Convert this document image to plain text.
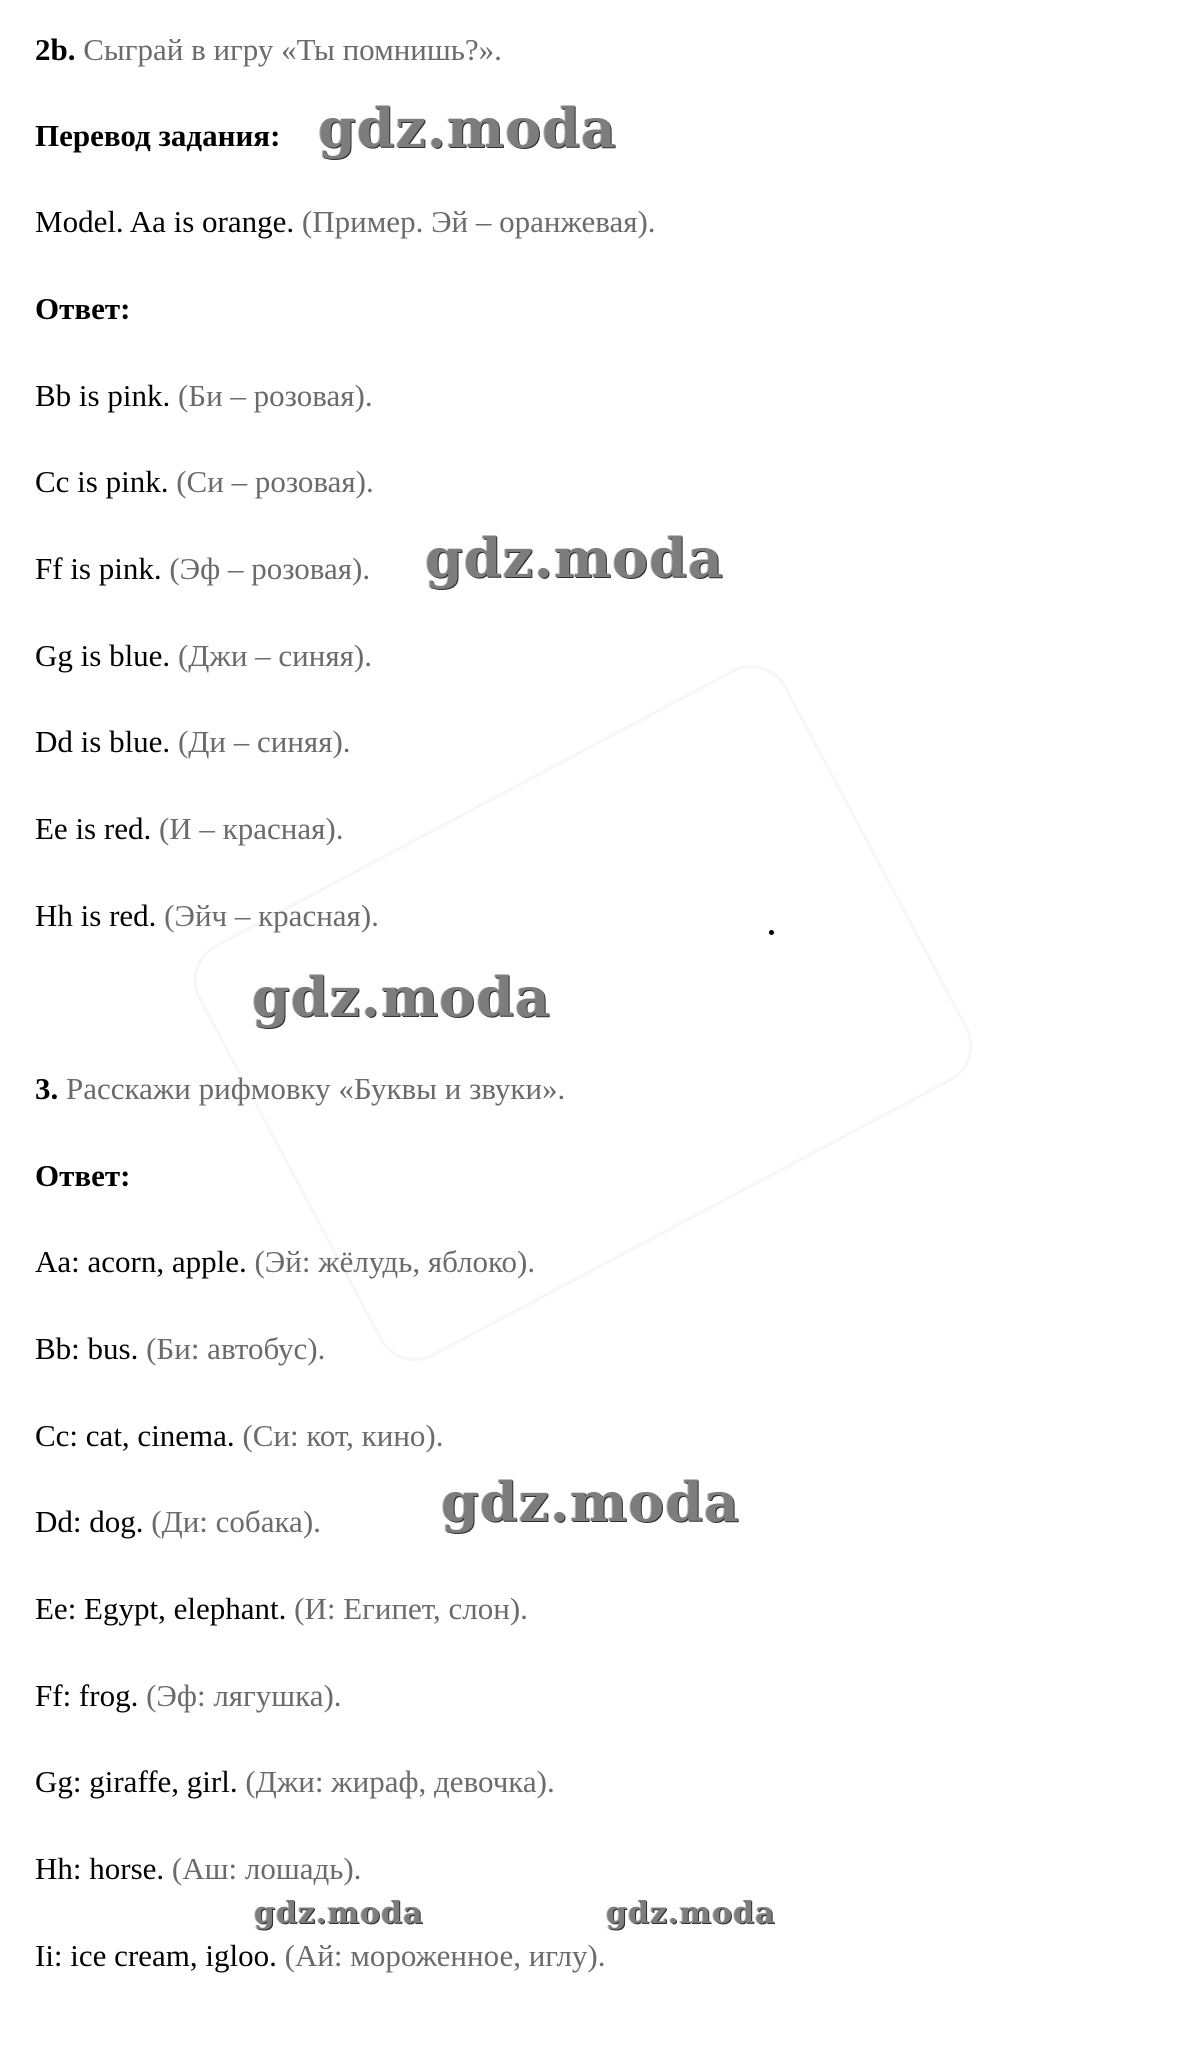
2b. Сыграй в игру «Ты помнишь?».
Перевод задания:
Model. Aa is orange. (Пример. Эй – оранжевая).
Ответ:
Bb is pink. (Би – розовая).
Cc is pink. (Си – розовая).
Ff is pink. (Эф – розовая).
Gg is blue. (Джи – синяя).
Dd is blue. (Ди – синяя).
Ee is red. (И – красная).
Hh is red. (Эйч – красная).
3. Расскажи рифмовку «Буквы и звуки».
Ответ:
Aa: acorn, apple. (Эй: жёлудь, яблоко).
Bb: bus. (Би: автобус).
Cc: cat, cinema. (Си: кот, кино).
Dd: dog. (Ди: собака).
Ee: Egypt, elephant. (И: Египет, слон).
Ff: frog. (Эф: лягушка).
Gg: giraffe, girl. (Джи: жираф, девочка).
Hh: horse. (Аш: лошадь).
Ii: ice cream, igloo. (Ай: мороженное, иглу).
gdz.moda
gdz.moda
gdz.moda
gdz.moda
gdz.moda	gdz.moda
